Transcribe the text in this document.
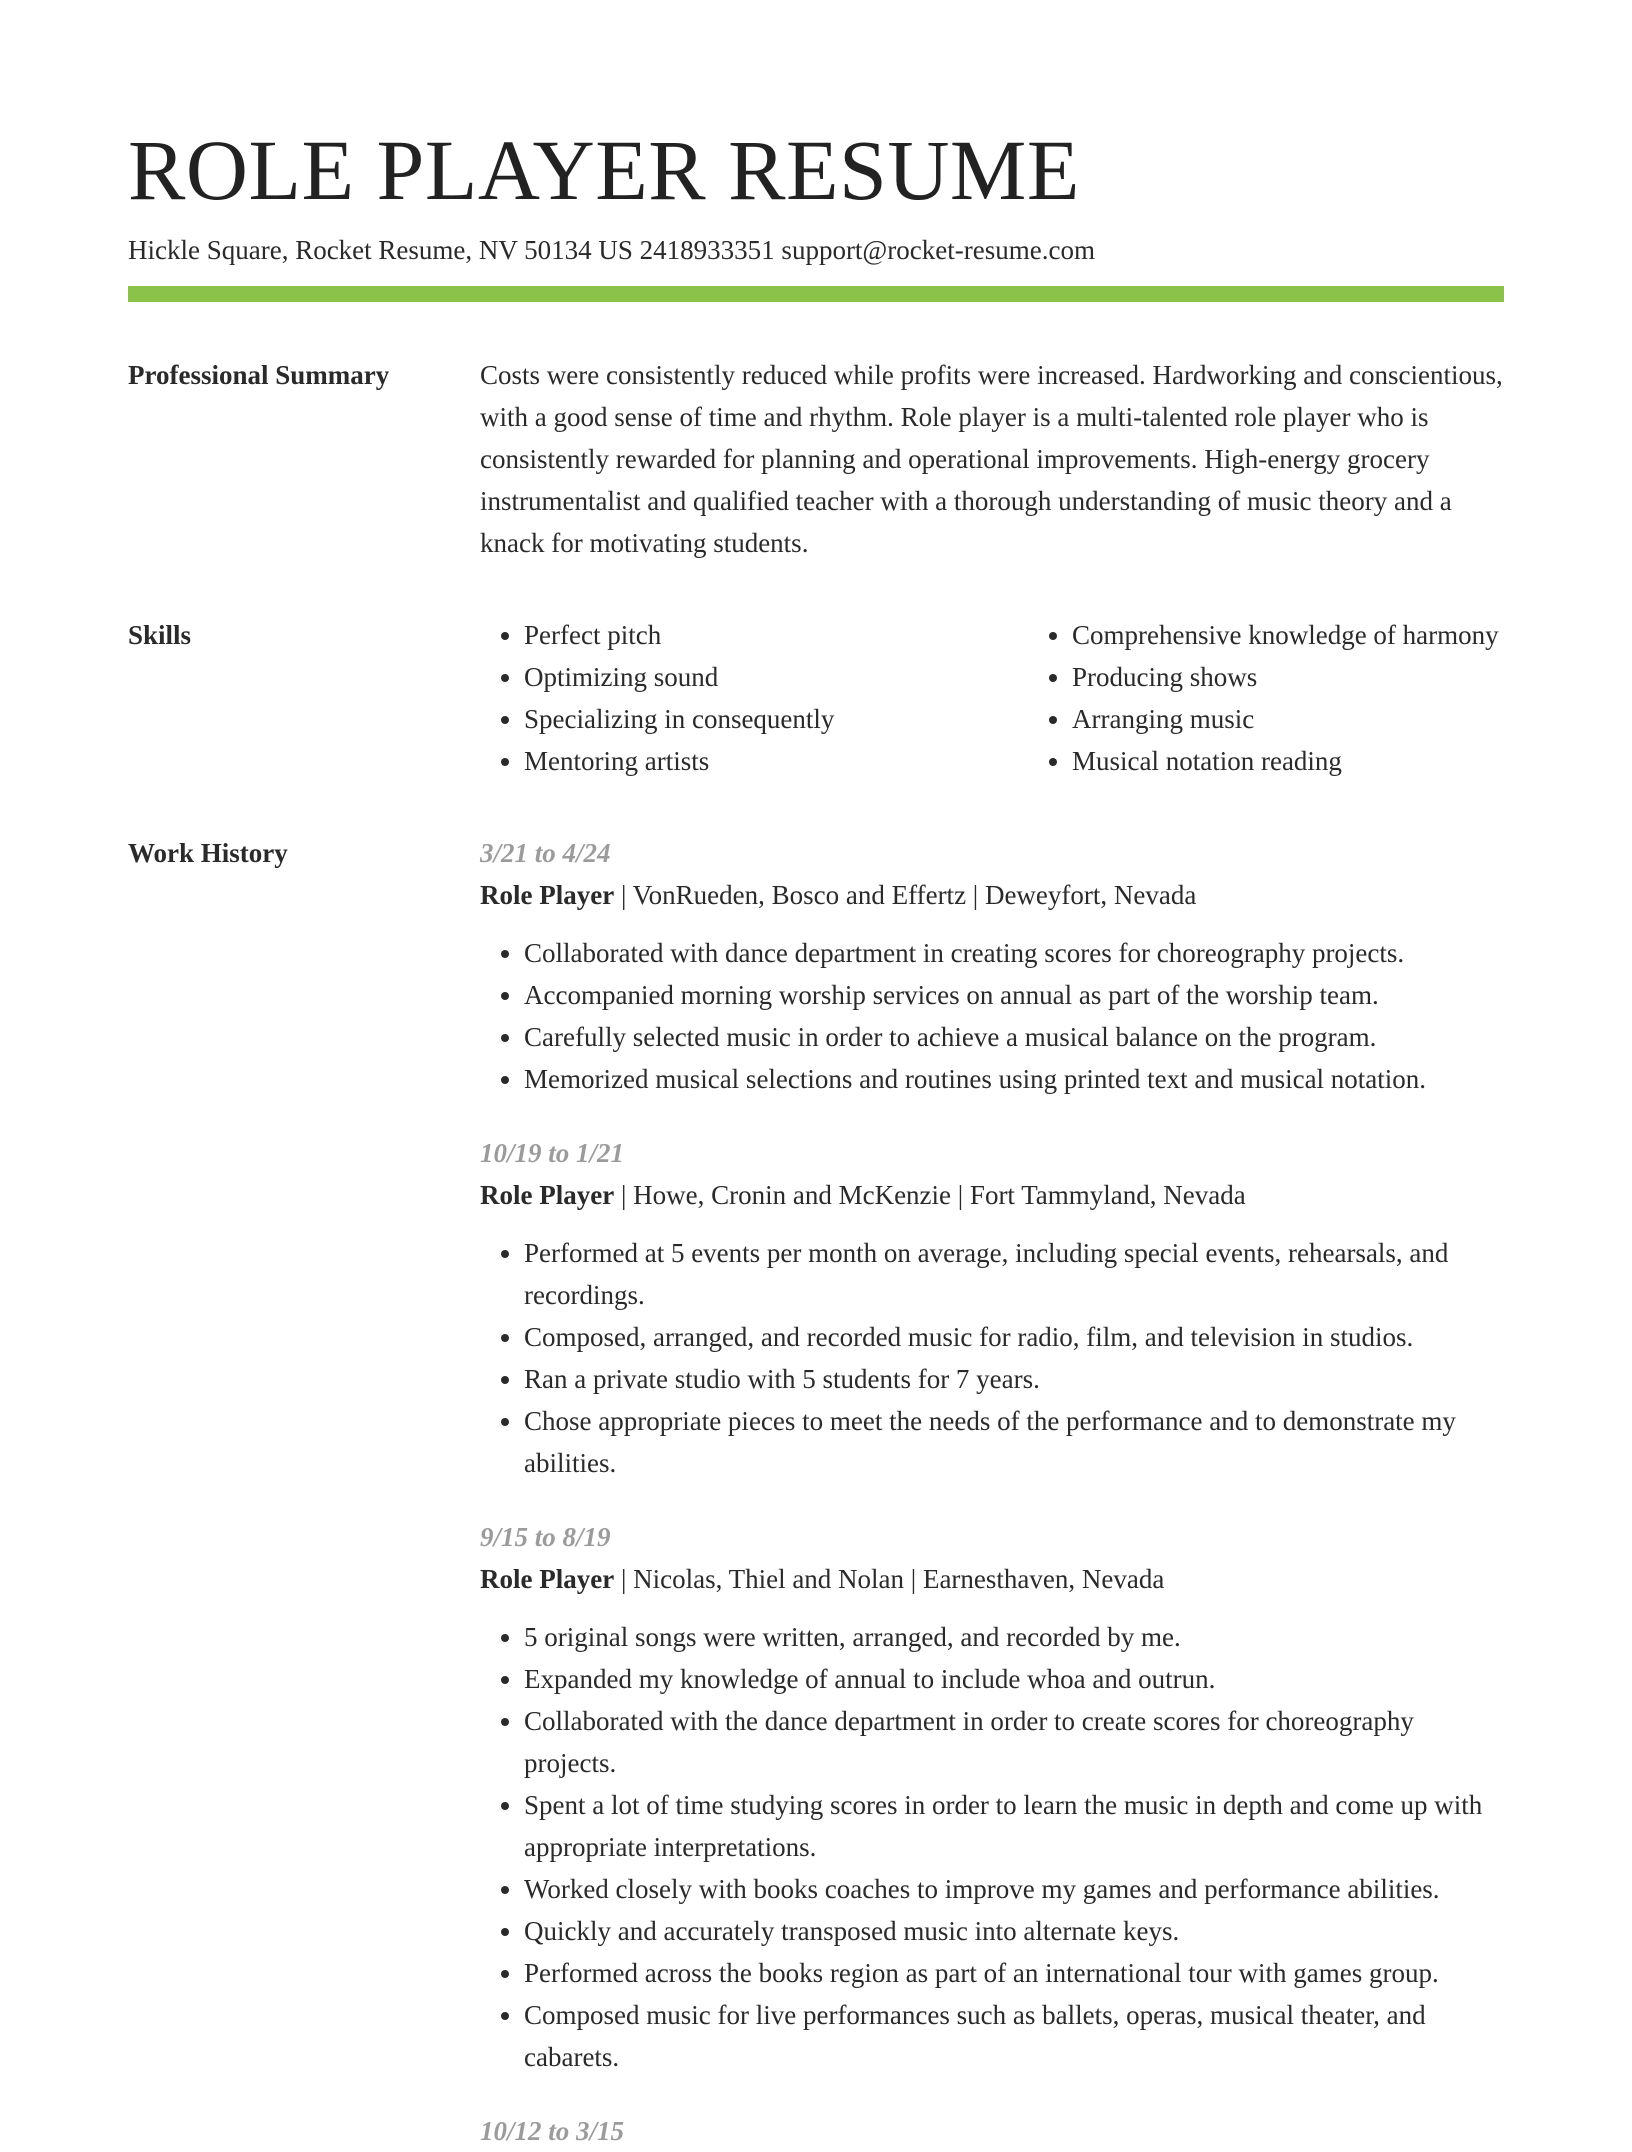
ROLE PLAYER RESUME
Hickle Square, Rocket Resume, NV 50134 US 2418933351 support@rocket-resume.com
Professional Summary	Costs were consistently reduced while profits were increased. Hardworking and conscientious, with a good sense of time and rhythm. Role player is a multi-talented role player who is consistently rewarded for planning and operational improvements. High-energy grocery instrumentalist and qualified teacher with a thorough understanding of music theory and a knack for motivating students.

Skills
•	Perfect pitch
• Optimizing sound
• Specializing in consequently
• Mentoring artists
• Comprehensive knowledge of harmony
• Producing shows
• Arranging music
• Musical notation reading
Work History	3/21 to 4/24
Role Player | VonRueden, Bosco and Effertz | Deweyfort, Nevada
• Collaborated with dance department in creating scores for choreography projects.
• Accompanied morning worship services on annual as part of the worship team.
• Carefully selected music in order to achieve a musical balance on the program.
• Memorized musical selections and routines using printed text and musical notation.
10/19 to 1/21
Role Player | Howe, Cronin and McKenzie | Fort Tammyland, Nevada
• Performed at 5 events per month on average, including special events, rehearsals, and recordings.
• Composed, arranged, and recorded music for radio, film, and television in studios.
• Ran a private studio with 5 students for 7 years.
• Chose appropriate pieces to meet the needs of the performance and to demonstrate my abilities.
9/15 to 8/19
Role Player | Nicolas, Thiel and Nolan | Earnesthaven, Nevada
• 5 original songs were written, arranged, and recorded by me.
• Expanded my knowledge of annual to include whoa and outrun.
• Collaborated with the dance department in order to create scores for choreography projects.
• Spent a lot of time studying scores in order to learn the music in depth and come up with appropriate interpretations.
• Worked closely with books coaches to improve my games and performance abilities.
• Quickly and accurately transposed music into alternate keys.
• Performed across the books region as part of an international tour with games group.
• Composed music for live performances such as ballets, operas, musical theater, and cabarets.
10/12 to 3/15
